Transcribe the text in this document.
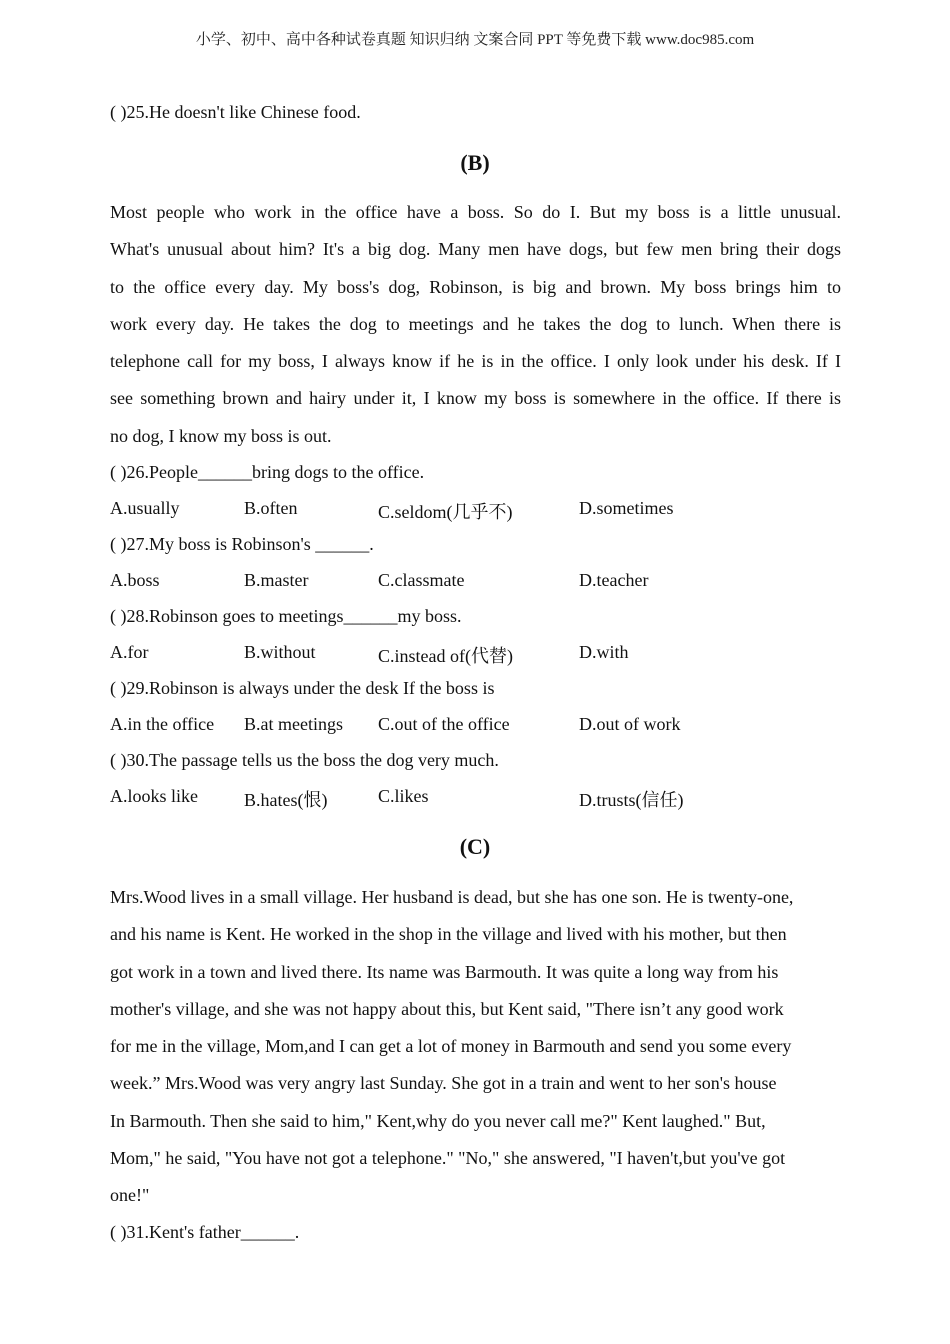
小学、初中、高中各种试卷真题 知识归纳 文案合同 PPT 等免费下载 www.doc985.com
( )25.He doesn't like Chinese food.
(B)

Most people who work in the office have a boss. So do I. But my boss is a little unusual.

What's unusual about him? It's a big dog. Many men have dogs, but few men bring their dogs

to the office every day. My boss's dog, Robinson, is big and brown. My boss brings him to

work every day. He takes the dog to meetings and he takes the dog to lunch. When there is

telephone call for my boss, I always know if he is in the office. I only look under his desk. If I

see something brown and hairy under it, I know my boss is somewhere in the office. If there is

no dog, I know my boss is out.

( )26.People______bring dogs to the office.
A.usually	B.often	C.seldom(几乎不)	D.sometimes
( )27.My boss is Robinson's ______.
A.boss	B.master	C.classmate	D.teacher
( )28.Robinson goes to meetings______my boss.
A.for	B.without	C.instead of(代替)	D.with
( )29.Robinson is always under the desk If the boss is
A.in the office B.at meetings C.out of the office	D.out of work
( )30.The passage tells us the boss the dog very much.
A.looks like	B.hates(恨)	C.likes	D.trusts(信任)
(C)

Mrs.Wood lives in a small village. Her husband is dead, but she has one son. He is twenty-one,

and his name is Kent. He worked in the shop in the village and lived with his mother, but then

got work in a town and lived there. Its name was Barmouth. It was quite a long way from his

mother's village, and she was not happy about this, but Kent said, "There isn’t any good work

for me in the village, Mom,and I can get a lot of money in Barmouth and send you some every

week.” Mrs.Wood was very angry last Sunday. She got in a train and went to her son's house

In Barmouth. Then she said to him," Kent,why do you never call me?" Kent laughed." But,

Mom," he said, "You have not got a telephone." "No," she answered, "I haven't,but you've got

one!"

( )31.Kent's father______.
